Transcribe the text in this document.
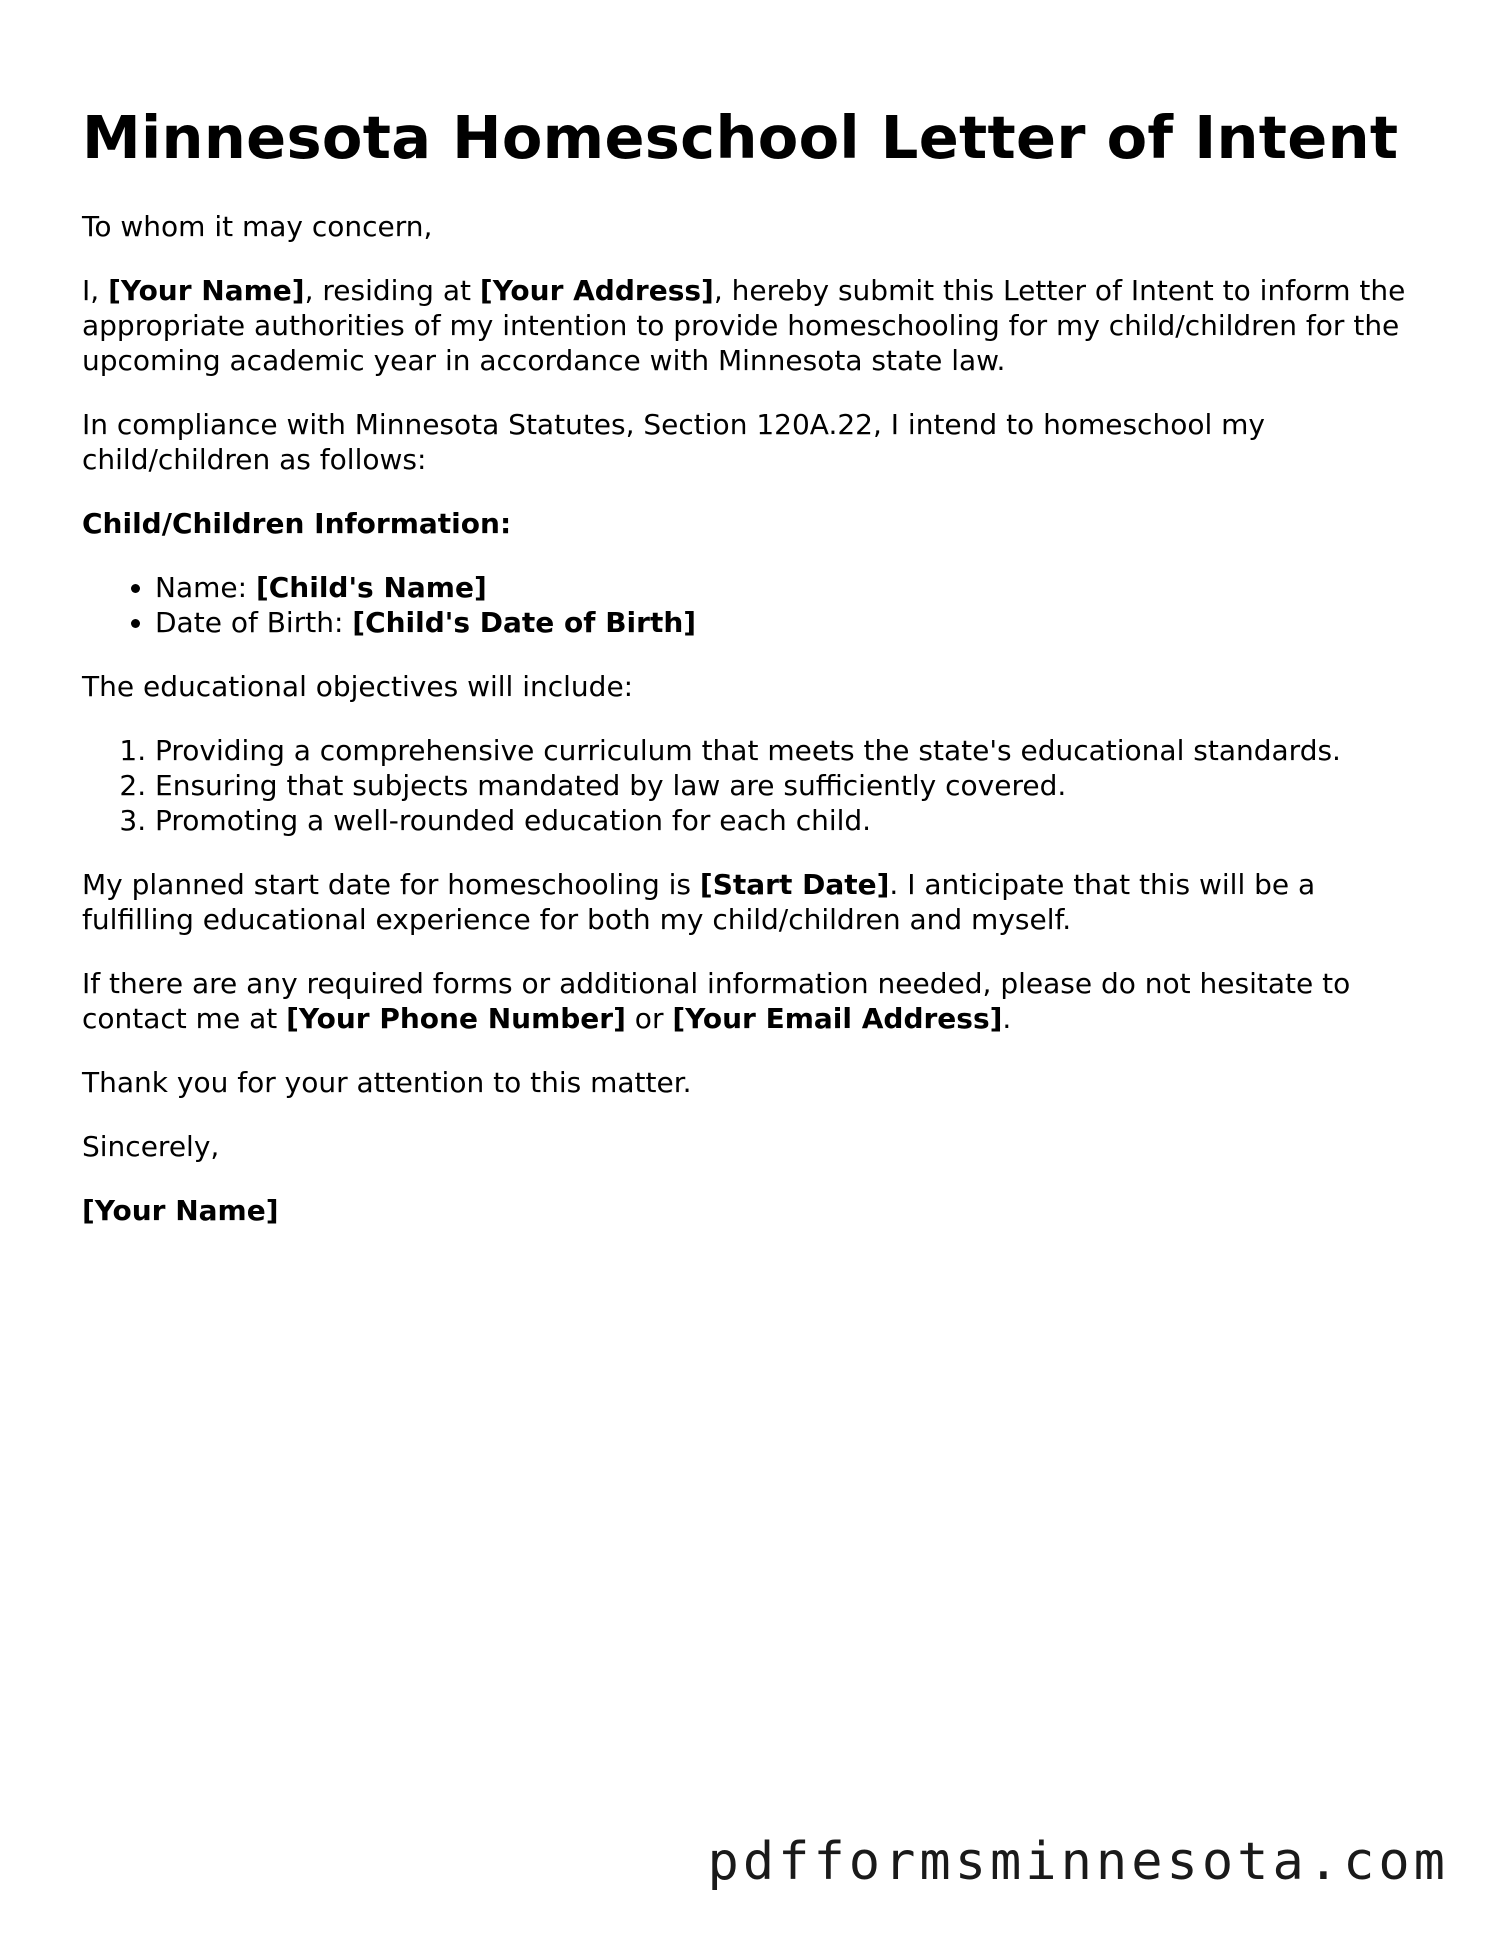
Minnesota Homeschool Letter of Intent

To whom it may concern,

I, [Your Name], residing at [Your Address], hereby submit this Letter of Intent to inform the appropriate authorities of my intention to provide homeschooling for my child/children for the upcoming academic year in accordance with Minnesota state law.

In compliance with Minnesota Statutes, Section 120A.22, I intend to homeschool my child/children as follows:

Child/Children Information:

• Name: [Child's Name]
• Date of Birth: [Child's Date of Birth]

The educational objectives will include:

1. Providing a comprehensive curriculum that meets the state's educational standards.
2. Ensuring that subjects mandated by law are sufficiently covered.
3. Promoting a well-rounded education for each child.

My planned start date for homeschooling is [Start Date]. I anticipate that this will be a fulfilling educational experience for both my child/children and myself.

If there are any required forms or additional information needed, please do not hesitate to contact me at [Your Phone Number] or [Your Email Address].

Thank you for your attention to this matter.

Sincerely,

[Your Name]

pdfformsminnesota.com
